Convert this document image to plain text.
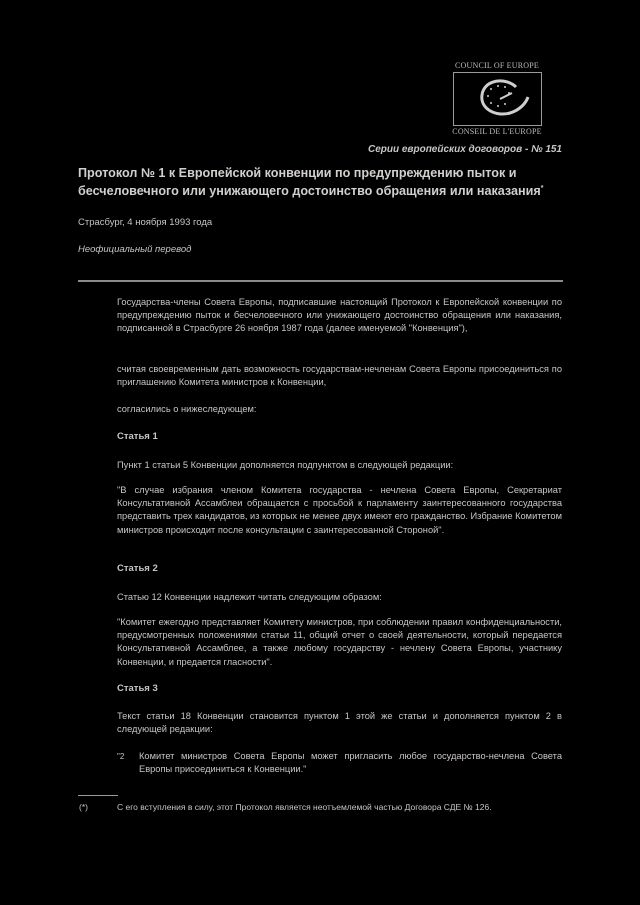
COUNCIL OF EUROPE
CONSEIL DE L'EUROPE
Серии европейских договоров - № 151
Протокол № 1 к Европейской конвенции по предупреждению пыток и бесчеловечного или унижающего достоинство обращения или наказания*
Страсбург, 4 ноября 1993 года
Неофициальный перевод
Государства-члены Совета Европы, подписавшие настоящий Протокол к Европейской конвенции по предупреждению пыток и бесчеловечного или унижающего достоинство обращения или наказания, подписанной в Страсбурге 26 ноября 1987 года (далее именуемой "Конвенция"),
считая своевременным дать возможность государствам-нечленам Совета Европы присоединиться по приглашению Комитета министров к Конвенции,
согласились о нижеследующем:
Статья 1
Пункт 1 статьи 5 Конвенции дополняется подпунктом в следующей редакции:
"В случае избрания членом Комитета государства - нечлена Совета Европы, Секретариат Консультативной Ассамблеи обращается с просьбой к парламенту заинтересованного государства представить трех кандидатов, из которых не менее двух имеют его гражданство. Избрание Комитетом министров происходит после консультации с заинтересованной Стороной".
Статья 2
Статью 12 Конвенции надлежит читать следующим образом:
"Комитет ежегодно представляет Комитету министров, при соблюдении правил конфиденциальности, предусмотренных положениями статьи 11, общий отчет о своей деятельности, который передается Консультативной Ассамблее, а также любому государству - нечлену Совета Европы, участнику Конвенции, и предается гласности".
Статья 3
Текст статьи 18 Конвенции становится пунктом 1 этой же статьи и дополняется пунктом 2 в следующей редакции:
"2 Комитет министров Совета Европы может пригласить любое государство-нечлена Совета Европы присоединиться к Конвенции."
(*)	С его вступления в силу, этот Протокол является неотъемлемой частью Договора СДЕ № 126.
